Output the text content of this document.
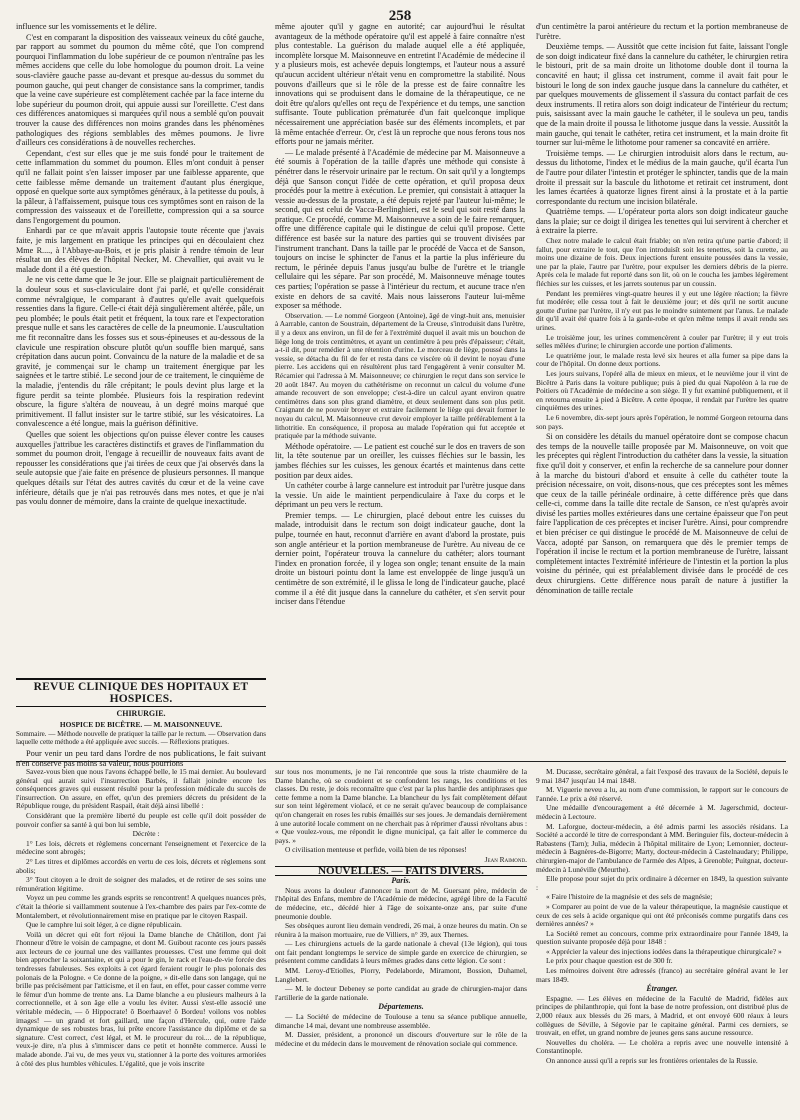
258

influence sur les vomissements et le délire.

C'est en comparant la disposition des vaisseaux veineux du côté gauche, par rapport au sommet du poumon du même côté, que l'on comprend pourquoi l'inflammation du lobe supérieur de ce poumon n'entraîne pas les mêmes accidens que celle du lobe homologue du poumon droit. La veine sous-clavière gauche passe au-devant et presque au-dessus du sommet du poumon gauche, qui peut changer de consistance sans la comprimer, tandis que la veine cave supérieure est complètement cachée par la face interne du lobe supérieur du poumon droit, qui appuie aussi sur l'oreillette. C'est dans ces différences anatomiques si marquées qu'il nous a semblé qu'on pouvait trouver la cause des différences non moins grandes dans les phénomènes pathologiques des régions semblables des mêmes poumons. Je livre d'ailleurs ces considérations à de nouvelles recherches.

Cependant, c'est sur elles que je me suis fondé pour le traitement de cette inflammation du sommet du poumon. Elles m'ont conduit à penser qu'il ne fallait point s'en laisser imposer par une faiblesse apparente, que cette faiblesse même demande un traitement d'autant plus énergique, opposé en quelque sorte aux symptômes généraux, à la petitesse du pouls, à la pâleur, à l'affaissement, puisque tous ces symptômes sont en raison de la compression des vaisseaux et de l'oreillette, compression qui a sa source dans l'engorgement du poumon.

Enhardi par ce que m'avait appris l'autopsie toute récente que j'avais faite, je mis largement en pratique les principes qui en découlaient chez Mme R...., à l'Abbaye-au-Bois, et je pris plaisir à rendre témoin de leur résultat un des élèves de l'hôpital Necker, M. Chevallier, qui avait vu le malade dont il a été question.

Je ne vis cette dame que le 3e jour. Elle se plaignait particulièrement de la douleur sous et sus-claviculaire dont j'ai parlé, et qu'elle considérait comme névralgique, le comparant à d'autres qu'elle avait quelquefois ressenties dans la figure. Celle-ci était déjà singulièrement altérée, pâle, un peu plombée; le pouls était petit et fréquent, la toux rare et l'expectoration presque nulle et sans les caractères de celle de la pneumonie. L'auscultation me fit reconnaître dans les fosses sus et sous-épineuses et au-dessous de la clavicule une respiration obscure plutôt qu'un souffle bien marqué, sans crépitation dans aucun point. Convaincu de la nature de la maladie et de sa gravité, je commençai sur le champ un traitement énergique par les saignées et le tartre stibié. Le second jour de ce traitement, le cinquième de la maladie, j'entendis du râle crépitant; le pouls devint plus large et la figure perdit sa teinte plombée. Plusieurs fois la respiration redevint obscure, la figure s'altéra de nouveau, à un degré moins marqué que primitivement. Il fallut insister sur le tartre stibié, sur les vésicatoires. La convalescence a été longue, mais la guérison définitive.

Quelles que soient les objections qu'on puisse élever contre les causes auxquelles j'attribue les caractères distinctifs et graves de l'inflammation du sommet du poumon droit, l'engage à recueillir de nouveaux faits avant de repousser les considérations que j'ai tirées de ceux que j'ai observés dans la seule autopsie que j'aie faite en présence de plusieurs personnes. Il manque quelques détails sur l'état des autres cavités du cœur et de la veine cave inférieure, détails que je n'ai pas retrouvés dans mes notes, et que je n'ai pas voulu donner de mémoire, dans la crainte de quelque inexactitude.

REVUE CLINIQUE DES HOPITAUX ET HOSPICES.
CHIRURGIE.
HOSPICE DE BICÊTRE. — M. MAISONNEUVE.
Sommaire. — Méthode nouvelle de pratiquer la taille par le rectum. — Observation dans laquelle cette méthode a été appliquée avec succès. — Réflexions pratiques.
Pour venir un peu tard dans l'ordre de nos publications, le fait suivant n'en conserve pas moins sa valeur, nous pourrions

même ajouter qu'il y gagne en autorité; car aujourd'hui le résultat avantageux de la méthode opératoire qu'il est appelé à faire connaître n'est plus contestable. La guérison du malade auquel elle a été appliquée, incomplète lorsque M. Maisonneuve en entretint l'Académie de médecine il y a plusieurs mois, est achevée depuis longtemps, et l'auteur nous a assuré qu'aucun accident ultérieur n'était venu en compromettre la stabilité. Nous pouvons d'ailleurs que si le rôle de la presse est de faire connaître les innovations qui se produisent dans le domaine de la thérapeutique, ce ne doit être qu'alors qu'elles ont reçu de l'expérience et du temps, une sanction suffisante. Toute publication prématurée d'un fait quelconque implique nécessairement une appréciation basée sur des éléments incomplets, et par là même entachée d'erreur. Or, c'est là un reproche que nous ferons tous nos efforts pour ne jamais mériter.

— Le malade présenté à l'Académie de médecine par M. Maisonneuve a été soumis à l'opération de la taille d'après une méthode qui consiste à pénétrer dans le réservoir urinaire par le rectum. On sait qu'il y a longtemps déjà que Sanson conçut l'idée de cette opération, et qu'il proposa deux procédés pour la mettre à exécution. Le premier, qui consistait à attaquer la vessie au-dessus de la prostate, a été depuis rejeté par l'auteur lui-même; le second, qui est celui de Vacca-Berlinghieri, est le seul qui soit resté dans la pratique. Ce procédé, comme M. Maisonneuve a soin de le faire remarquer, offre une différence capitale qui le distingue de celui qu'il propose. Cette différence est basée sur la nature des parties qui se trouvent divisées par l'instrument tranchant. Dans la taille par le procédé de Vacca et de Sanson, toujours on incise le sphincter de l'anus et la partie la plus inférieure du rectum, le périnée depuis l'anus jusqu'au bulbe de l'urètre et le triangle cellulaire qui les sépare. Par son procédé, M. Maisonneuve ménage toutes ces parties; l'opération se passe à l'intérieur du rectum, et aucune trace n'en existe en dehors de sa cavité. Mais nous laisserons l'auteur lui-même exposer sa méthode.

Observation. — Le nommé Gorgeon (Antoine), âgé de vingt-huit ans, menuisier à Aarrable, canton de Soustrain, département de la Creuse, s'introduisit dans l'urètre, il y a deux ans environ, un fil de fer à l'extrémité duquel il avait mis un bouchon de liège long de trois centimètres, et ayant un centimètre à peu près d'épaisseur; c'était, a-t-il dit, pour remédier à une rétention d'urine. Le morceau de liège, poussé dans la vessie, se détacha du fil de fer et resta dans ce viscère où il devint le noyau d'une pierre. Les accidens qui en résultèrent plus tard l'engagèrent à venir consulter M. Récamier qui l'adressa à M. Maisonneuve; ce chirurgien le reçut dans son service le 20 août 1847. Au moyen du cathétérisme on reconnut un calcul du volume d'une amande recouvert de son enveloppe; c'est-à-dire un calcul ayant environ quatre centimètres dans son plus grand diamètre, et deux seulement dans son plus petit. Craignant de ne pouvoir broyer et extraire facilement le liège qui devait former le noyau du calcul, M. Maisonneuve crut devoir employer la taille préférablement à la lithotritie. En conséquence, il proposa au malade l'opération qui fut acceptée et pratiquée par la méthode suivante.

Méthode opératoire. — Le patient est couché sur le dos en travers de son lit, la tête soutenue par un oreiller, les cuisses fléchies sur le bassin, les jambes fléchies sur les cuisses, les genoux écartés et maintenus dans cette position par deux aides.

Un cathéter courbe à large cannelure est introduit par l'urètre jusque dans la vessie. Un aide le maintient perpendiculaire à l'axe du corps et le déprimant un peu vers le rectum.

Premier temps. — Le chirurgien, placé debout entre les cuisses du malade, introduisit dans le rectum son doigt indicateur gauche, dont la pulpe, tournée en haut, reconnut d'arrière en avant d'abord la prostate, puis son angle antérieur et la portion membraneuse de l'urètre. Au niveau de ce dernier point, l'opérateur trouva la cannelure du cathéter; alors tournant l'index en pronation forcée, il y logea son ongle; tenant ensuite de la main droite un bistouri pointu dont la lame est enveloppée de linge jusqu'à un centimètre de son extrémité, il le glissa le long de l'indicateur gauche, placé comme il a été dit jusque dans la cannelure du cathéter, et s'en servit pour inciser dans l'étendue

d'un centimètre la paroi antérieure du rectum et la portion membraneuse de l'urètre.

Deuxième temps. — Aussitôt que cette incision fut faite, laissant l'ongle de son doigt indicateur fixé dans la cannelure du cathéter, le chirurgien retira le bistouri, prit de sa main droite un lithotome double dont il tourna la concavité en haut; il glissa cet instrument, comme il avait fait pour le bistouri le long de son index gauche jusque dans la cannelure du cathéter, et par quelques mouvements de glissement il s'assura du contact parfait de ces deux instruments. Il retira alors son doigt indicateur de l'intérieur du rectum; puis, saisissant avec la main gauche le cathéter, il le souleva un peu, tandis que de la main droite il poussa le lithotome jusque dans la vessie. Aussitôt la main gauche, qui tenait le cathéter, retira cet instrument, et la main droite fit tourner sur lui-même le lithotome pour ramener sa concavité en arrière.

Troisième temps. — Le chirurgien introduisit alors dans le rectum, au-dessus du lithotome, l'index et le médius de la main gauche, qu'il écarta l'un de l'autre pour dilater l'intestin et protéger le sphincter, tandis que de la main droite il pressait sur la bascule du lithotome et retirait cet instrument, dont les lames écartées à quatorze lignes firent ainsi à la prostate et à la partie correspondante du rectum une incision bilatérale.

Quatrième temps. — L'opérateur porta alors son doigt indicateur gauche dans la plaie; sur ce doigt il dirigea les tenettes qui lui servirent à chercher et à extraire la pierre.

Chez notre malade le calcul était friable; on n'en retira qu'une partie d'abord; il fallut, pour extraire le tout, que l'on introduisît soit les tenettes, soit la curette, au moins une dizaine de fois. Deux injections furent ensuite poussées dans la vessie, une par la plaie, l'autre par l'urètre, pour expulser les derniers débris de la pierre. Après cela le malade fut reporté dans son lit, où on le coucha les jambes légèrement fléchies sur les cuisses, et les jarrets soutenus par un coussin.

Pendant les premières vingt-quatre heures il y eut une légère réaction; la fièvre fut modérée; elle cessa tout à fait le deuxième jour; et dès qu'il ne sortit aucune goutte d'urine par l'urètre, il n'y eut pas le moindre suintement par l'anus. Le malade dit qu'il avait été quatre fois à la garde-robe et qu'en même temps il avait rendu ses urines.

Le troisième jour, les urines commencèrent à couler par l'urètre; il y eut trois selles mêlées d'urine; le chirurgien accorde une portion d'aliments.

Le quatrième jour, le malade resta levé six heures et alla fumer sa pipe dans la cour de l'hôpital. On donne deux portions.

Les jours suivans, l'opéré alla de mieux en mieux, et le neuvième jour il vint de Bicêtre à Paris dans la voiture publique; puis à pied du quai Napoléon à la rue de Poitiers où l'Académie de médecine a son siège. Il y fut examiné publiquement, et il en retourna ensuite à pied à Bicêtre. A cette époque, il rendait par l'urètre les quatre cinquièmes des urines.

Le 6 novembre, dix-sept jours après l'opération, le nommé Gorgeon retourna dans son pays.

Si on considère les détails du manuel opératoire dont se compose chacun des temps de la nouvelle taille proposée par M. Maisonneuve, on voit que les préceptes qui règlent l'introduction du cathéter dans la vessie, la situation fixe qu'il doit y conserver, et enfin la recherche de sa cannelure pour donner à la marche du bistouri d'abord et ensuite à celle du cathéter toute la précision nécessaire, on voit, disons-nous, que ces préceptes sont les mêmes que ceux de la taille périnéale ordinaire, à cette différence près que dans celle-ci, comme dans la taille dite rectale de Sanson, ce n'est qu'après avoir divisé les parties molles extérieures dans une certaine épaisseur que l'on peut faire l'application de ces préceptes et inciser l'urètre. Ainsi, pour comprendre et bien préciser ce qui distingue le procédé de M. Maisonneuve de celui de Vacca, adopté par Sanson, on remarquera que dès le premier temps de l'opération il incise le rectum et la portion membraneuse de l'urètre, laissant complètement intactes l'extrémité inférieure de l'intestin et la portion la plus voisine du périnée, qui est préalablement divisée dans le procédé de ces deux chirurgiens. Cette différence nous paraît de nature à justifier la dénomination de taille rectale

Savez-vous bien que nous l'avons échappé belle, le 15 mai dernier. Au boulevard général qui aurait suivi l'insurrection Barbès, il fallait joindre encore les conséquences graves qui eussent résulté pour la profession médicale du succès de l'insurrection. On assure, en effet, qu'un des premiers décrets du président de la République rouge, du président Raspail, était déjà ainsi libellé :

Considérant que la première liberté du peuple est celle qu'il doit posséder de pouvoir confier sa santé à qui bon lui semble,

Décrète :

1° Les lois, décrets et règlemens concernant l'enseignement et l'exercice de la médecine sont abrogés;

2° Les titres et diplômes accordés en vertu de ces lois, décrets et règlemens sont abolis;

3° Tout citoyen a le droit de soigner des malades, et de retirer de ses soins une rémunération légitime.

Voyez un peu comme les grands esprits se rencontrent! A quelques nuances près, c'était la théorie si vaillamment soutenue à l'ex-chambre des pairs par l'ex-comte de Montalembert, et révolutionnairement mise en pratique par le citoyen Raspail.

Que le camphre lui soit léger, à ce digne républicain.

Voilà un décret qui eût fort réjoui la Dame blanche de Châtillon, dont j'ai l'honneur d'être le voisin de campagne, et dont M. Guibout raconte ces jours passés aux lecteurs de ce journal une des vaillantes prouesses. C'est une femme qui doit bien approcher la soixantaine, et qui a pour le gin, le rack et l'eau-de-vie forcée des tendresses fabuleuses. Ses exploits à cet égard feraient rougir le plus polonais des polonais de la Pologne. « Ce donne de la poigne, » dit-elle dans son langage, qui ne brille pas précisément par l'atticisme, et il en faut, en effet, pour casser comme verre le fémur d'un homme de trente ans. La Dame blanche a eu plusieurs malheurs à la correctionnelle, et à son âge elle a voulu les éviter. Aussi s'est-elle associé une véritable médecin, — ô Hippocrate! ô Boerhaave! ô Bordeu! voilons vos nobles images! — un grand et fort gaillard, une façon d'Hercule, qui, outre l'aide dynamique de ses robustes bras, lui prête encore l'assistance du diplôme et de sa signature. C'est correct, c'est légal, et M. le procureur du roi.... de la république, veux-je dire, n'a plus à s'immiscer dans ce petit et honnête commerce. Aussi le malade abonde. J'ai vu, de mes yeux vu, stationner à la porte des voitures armoriées à côté des plus humbles véhicules. L'égalité, que je vois inscrite

sur tous nos monuments, je ne l'ai rencontrée que sous la triste chaumière de la Dame blanche, où se coudoient et se confondent les rangs, les conditions et les classes. Du reste, je dois reconnaître que c'est par la plus hardie des antiphrases que cette femme a nom la Dame blanche. La blancheur du lys fait complètement défaut sur son teint légèrement violacé, et ce ne serait qu'avec beaucoup de complaisance qu'on changerait en roses les rubis émaillés sur ses joues. Je demandais dernièrement à une autorité locale comment on ne cherchait pas à réprimer d'aussi révoltans abus : « Que voulez-vous, me répondit le digne municipal, ça fait aller le commerce du pays. »

O civilisation menteuse et perfide, voilà bien de tes réponses!

Jean Raimond.

NOUVELLES. — FAITS DIVERS.

Paris.

Nous avons la douleur d'annoncer la mort de M. Guersant père, médecin de l'hôpital des Enfans, membre de l'Académie de médecine, agrégé libre de la Faculté de médecine, etc., décédé hier à l'âge de soixante-onze ans, par suite d'une pneumonie double.

Ses obsèques auront lieu demain vendredi, 26 mai, à onze heures du matin. On se réunira à la maison mortuaire, rue de Villiers, n° 39, aux Thernes.

— Les chirurgiens actuels de la garde nationale à cheval (13e légion), qui tous ont fait pendant longtemps le service de simple garde en exercice de chirurgien, se présentent comme candidats à leurs mêmes grades dans cette légion. Ce sont :

MM. Leroy-d'Etiolles, Piorry, Pedelaborde, Miramont, Bossion, Duhamel, Langlebert.

— M. le docteur Debeney se porte candidat au grade de chirurgien-major dans l'artillerie de la garde nationale.

Départemens.

— La Société de médecine de Toulouse a tenu sa séance publique annuelle, dimanche 14 mai, devant une nombreuse assemblée.

M. Dassier, président, a prononcé un discours d'ouverture sur le rôle de la médecine et du médecin dans le mouvement de rénovation sociale qui commence.

M. Ducasse, secrétaire général, a fait l'exposé des travaux de la Société, depuis le 9 mai 1847 jusqu'au 14 mai 1848.

M. Viguerie neveu a lu, au nom d'une commission, le rapport sur le concours de l'année. Le prix a été réservé.

Une médaille d'encouragement a été décernée à M. Jagerschmid, docteur-médecin à Lectoure.

M. Laforgue, docteur-médecin, a été admis parmi les associés résidans. La Société a accordé le titre de correspondant à MM. Beringuier fils, docteur-médecin à Rabastens (Tarn); Julia, médecin à l'hôpital militaire de Lyon; Lemonnier, docteur-médecin à Bagnères-de-Bigorre; Marty, docteur-médecin à Castelnaudary; Philippe, chirurgien-major de l'ambulance de l'armée des Alpes, à Grenoble; Puitgnat, docteur-médecin à Lunéville (Meurthe).

Elle propose pour sujet du prix ordinaire à décerner en 1849, la question suivante :

« Faire l'histoire de la magnésie et des sels de magnésie;

» Comparer au point de vue de la valeur thérapeutique, la magnésie caustique et ceux de ces sels à acide organique qui ont été préconisés comme purgatifs dans ces dernières années? »

La Société remet au concours, comme prix extraordinaire pour l'année 1849, la question suivante proposée déjà pour 1848 :

« Apprécier la valeur des injections iodées dans la thérapeutique chirurgicale? »

Le prix pour chaque question est de 300 fr.

Les mémoires doivent être adressés (franco) au secrétaire général avant le 1er mars 1849.

Étranger.

Espagne. — Les élèves en médecine de la Faculté de Madrid, fidèles aux principes de philanthropie, qui font la base de notre profession, ont distribué plus de 2,000 réaux aux blessés du 26 mars, à Madrid, et ont envoyé 600 réaux à leurs collègues de Séville, à Ségovie par le capitaine général. Parmi ces derniers, se trouvait, en effet, un grand nombre de jeunes gens sans aucune ressource.

Nouvelles du choléra. — Le choléra a repris avec une nouvelle intensité à Constantinople.

On annonce aussi qu'il a repris sur les frontières orientales de la Russie.
